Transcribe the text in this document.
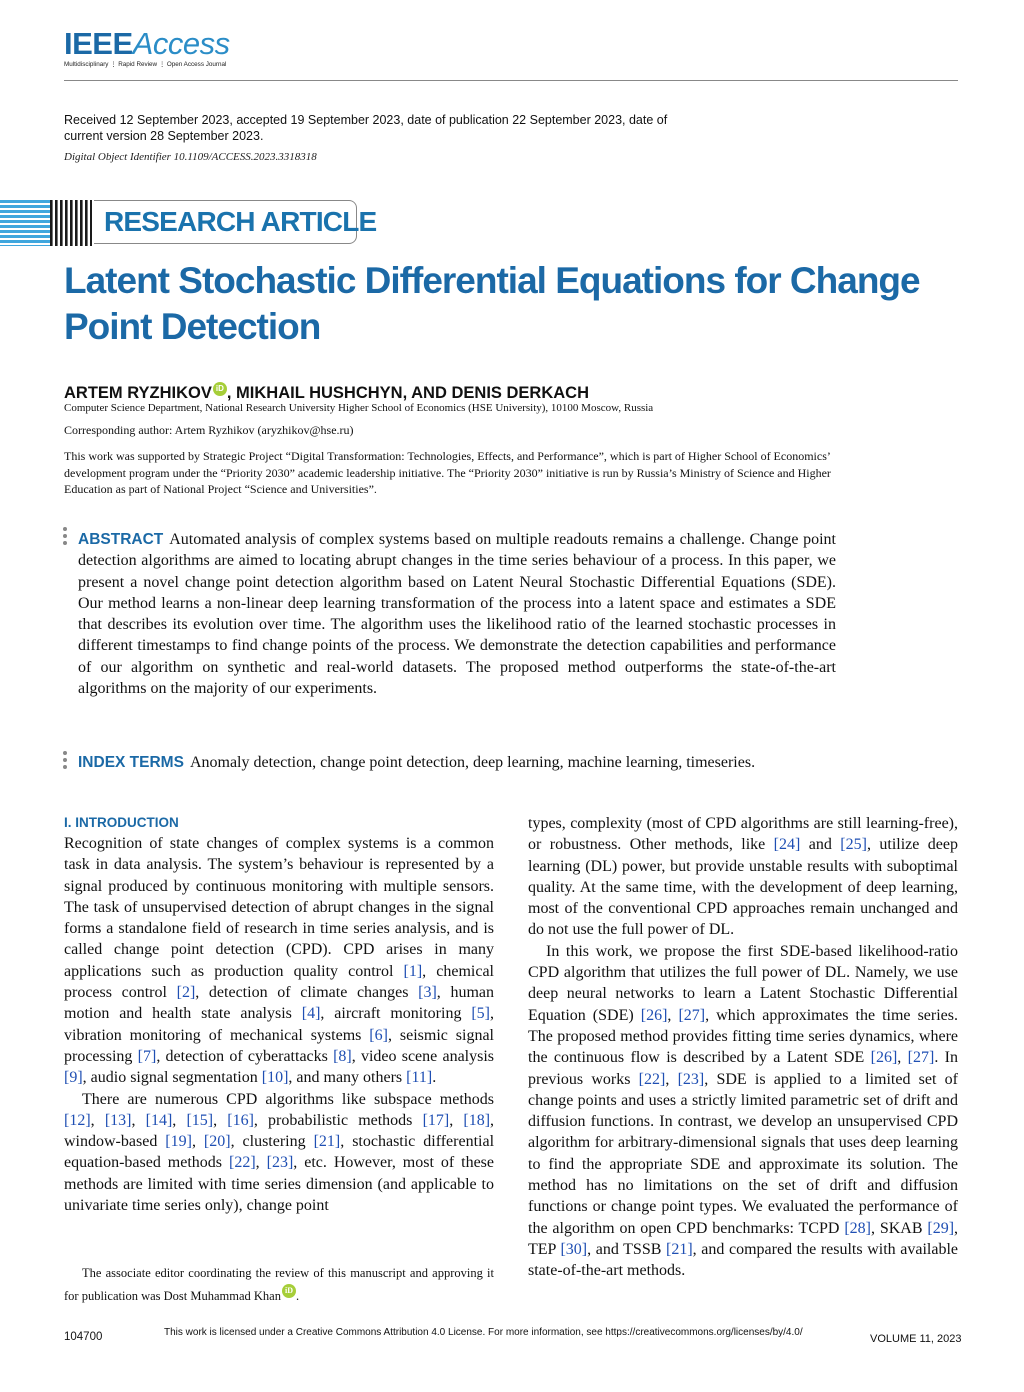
IEEEAccess
Multidisciplinary ⋮ Rapid Review ⋮ Open Access Journal
Received 12 September 2023, accepted 19 September 2023, date of publication 22 September 2023, date of current version 28 September 2023.
Digital Object Identifier 10.1109/ACCESS.2023.3318318
RESEARCH ARTICLE
Latent Stochastic Differential Equations for Change Point Detection
ARTEM RYZHIKOV iD , MIKHAIL HUSHCHYN, AND DENIS DERKACH
Computer Science Department, National Research University Higher School of Economics (HSE University), 10100 Moscow, Russia
Corresponding author: Artem Ryzhikov (aryzhikov@hse.ru)
This work was supported by Strategic Project “Digital Transformation: Technologies, Effects, and Performance”, which is part of Higher School of Economics’ development program under the “Priority 2030” academic leadership initiative. The “Priority 2030” initiative is run by Russia’s Ministry of Science and Higher Education as part of National Project “Science and Universities”.
ABSTRACT Automated analysis of complex systems based on multiple readouts remains a challenge. Change point detection algorithms are aimed to locating abrupt changes in the time series behaviour of a process. In this paper, we present a novel change point detection algorithm based on Latent Neural Stochastic Differential Equations (SDE). Our method learns a non-linear deep learning transformation of the process into a latent space and estimates a SDE that describes its evolution over time. The algorithm uses the likelihood ratio of the learned stochastic processes in different timestamps to find change points of the process. We demonstrate the detection capabilities and performance of our algorithm on synthetic and real-world datasets. The proposed method outperforms the state-of-the-art algorithms on the majority of our experiments.
INDEX TERMS Anomaly detection, change point detection, deep learning, machine learning, timeseries.
I. INTRODUCTION

Recognition of state changes of complex systems is a common task in data analysis. The system’s behaviour is represented by a signal produced by continuous monitoring with multiple sensors. The task of unsupervised detection of abrupt changes in the signal forms a standalone field of research in time series analysis, and is called change point detection (CPD). CPD arises in many applications such as production quality control [1], chemical process control [2], detection of climate changes [3], human motion and health state analysis [4], aircraft monitoring [5], vibration monitoring of mechanical systems [6], seismic signal processing [7], detection of cyberattacks [8], video scene analysis [9], audio signal segmentation [10], and many others [11].

There are numerous CPD algorithms like subspace methods [12], [13], [14], [15], [16], probabilistic methods [17], [18], window-based [19], [20], clustering [21], stochastic differential equation-based methods [22], [23], etc. However, most of these methods are limited with time series dimension (and applicable to univariate time series only), change point

The associate editor coordinating the review of this manuscript and approving it for publication was Dost Muhammad Khan iD .

types, complexity (most of CPD algorithms are still learning-free), or robustness. Other methods, like [24] and [25], utilize deep learning (DL) power, but provide unstable results with suboptimal quality. At the same time, with the development of deep learning, most of the conventional CPD approaches remain unchanged and do not use the full power of DL.

In this work, we propose the first SDE-based likelihood-ratio CPD algorithm that utilizes the full power of DL. Namely, we use deep neural networks to learn a Latent Stochastic Differential Equation (SDE) [26], [27], which approximates the time series. The proposed method provides fitting time series dynamics, where the continuous flow is described by a Latent SDE [26], [27]. In previous works [22], [23], SDE is applied to a limited set of change points and uses a strictly limited parametric set of drift and diffusion functions. In contrast, we develop an unsupervised CPD algorithm for arbitrary-dimensional signals that uses deep learning to find the appropriate SDE and approximate its solution. The method has no limitations on the set of drift and diffusion functions or change point types. We evaluated the performance of the algorithm on open CPD benchmarks: TCPD [28], SKAB [29], TEP [30], and TSSB [21], and compared the results with available state-of-the-art methods.

104700	This work is licensed under a Creative Commons Attribution 4.0 License. For more information, see https://creativecommons.org/licenses/by/4.0/
VOLUME 11, 2023
